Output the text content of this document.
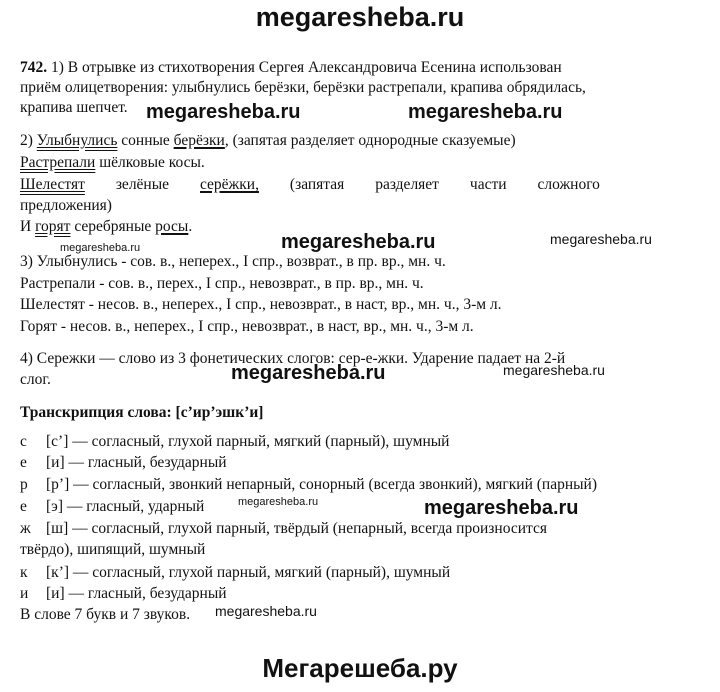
megaresheba.ru
742. 1) В отрывке из стихотворения Сергея Александровича Есенина использован
приём олицетворения: улыбнулись берёзки, берёзки растрепали, крапива обрядилась,
крапива шепчет. megaresheba.ru	megaresheba.ru
2) Улыбнулись сонные берёзки, (запятая разделяет однородные сказуемые)
Растрепали шёлковые косы.
Шелестят зелёные серёжки, (запятая разделяет части сложного
предложения)
И горят серебряные росы.
megaresheba.ru	megaresheba.ru	megaresheba.ru
3) Улыбнулись - сов. в., неперех., I спр., возврат., в пр. вр., мн. ч.
Растрепали - сов. в., перех., I спр., невозврат., в пр. вр., мн. ч.
Шелестят - несов. в., неперех., I спр., невозврат., в наст, вр., мн. ч., 3-м л.
Горят - несов. в., неперех., I спр., невозврат., в наст, вр., мн. ч., 3-м л.
4) Сережки — слово из 3 фонетических слогов: сер-е-жки. Ударение падает на 2-й
слог.	megaresheba.ru	megaresheba.ru
Транскрипция слова: [с’ир’эшк’и]
с [с’] — согласный, глухой парный, мягкий (парный), шумный
е [и] — гласный, безударный
р [р’] — согласный, звонкий непарный, сонорный (всегда звонкий), мягкий (парный)
е [э] — гласный, ударный	megaresheba.ru	megaresheba.ru
ж [ш] — согласный, глухой парный, твёрдый (непарный, всегда произносится
твёрдо), шипящий, шумный
к [к’] — согласный, глухой парный, мягкий (парный), шумный
и [и] — гласный, безударный
В слове 7 букв и 7 звуков. megaresheba.ru
Мегарешеба.ру
